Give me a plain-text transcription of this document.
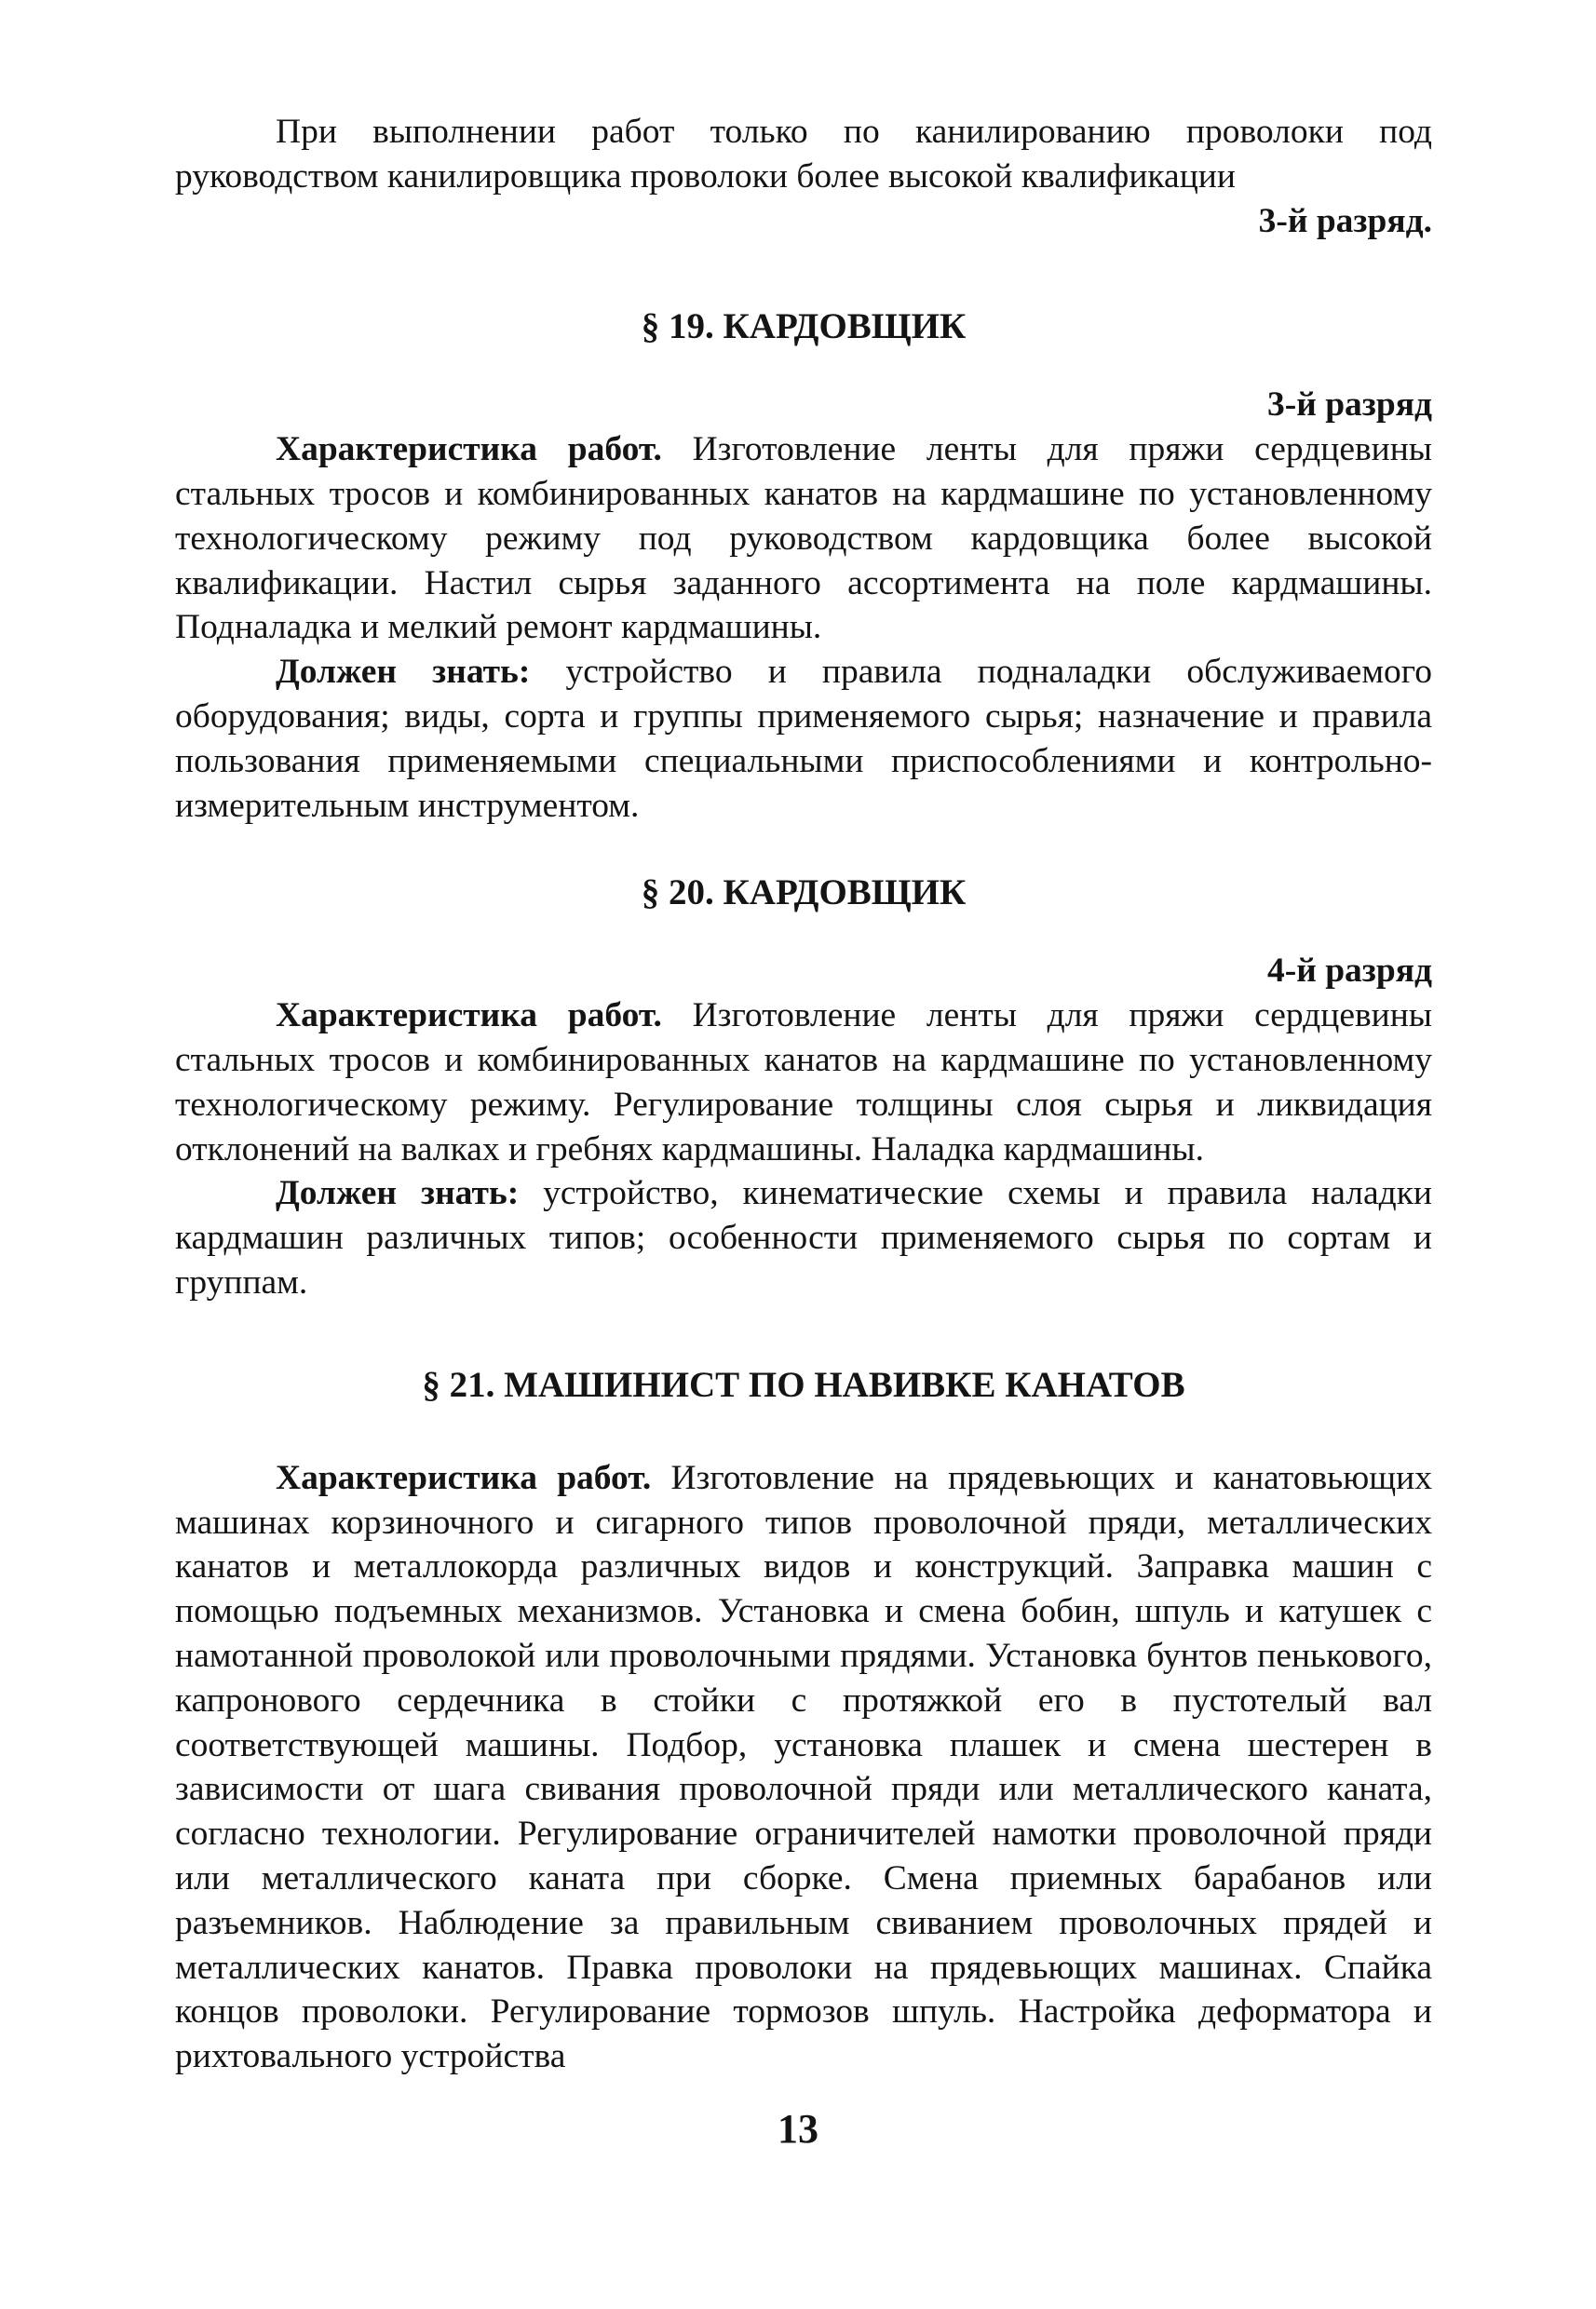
При выполнении работ только по канилированию проволоки под руководством канилировщика проволоки более высокой квалификации

3-й разряд.

§ 19. КАРДОВЩИК

3-й разряд

Характеристика работ. Изготовление ленты для пряжи сердцевины стальных тросов и комбинированных канатов на кардмашине по установленному технологическому режиму под руководством кардовщика более высокой квалификации. Настил сырья заданного ассортимента на поле кардмашины. Подналадка и мелкий ремонт кардмашины.

Должен знать: устройство и правила подналадки обслуживаемого оборудования; виды, сорта и группы применяемого сырья; назначение и правила пользования применяемыми специальными приспособлениями и контрольно-измерительным инструментом.

§ 20. КАРДОВЩИК

4-й разряд

Характеристика работ. Изготовление ленты для пряжи сердцевины стальных тросов и комбинированных канатов на кардмашине по установленному технологическому режиму. Регулирование толщины слоя сырья и ликвидация отклонений на валках и гребнях кардмашины. Наладка кардмашины.

Должен знать: устройство, кинематические схемы и правила наладки кардмашин различных типов; особенности применяемого сырья по сортам и группам.

§ 21. МАШИНИСТ ПО НАВИВКЕ КАНАТОВ

Характеристика работ. Изготовление на прядевьющих и канатовьющих машинах корзиночного и сигарного типов проволочной пряди, металлических канатов и металлокорда различных видов и конструкций. Заправка машин с помощью подъемных механизмов. Установка и смена бобин, шпуль и катушек с намотанной проволокой или проволочными прядями. Установка бунтов пенькового, капронового сердечника в стойки с протяжкой его в пустотелый вал соответствующей машины. Подбор, установка плашек и смена шестерен в зависимости от шага свивания проволочной пряди или металлического каната, согласно технологии. Регулирование ограничителей намотки проволочной пряди или металлического каната при сборке. Смена приемных барабанов или разъемников. Наблюдение за правильным свиванием проволочных прядей и металлических канатов. Правка проволоки на прядевьющих машинах. Спайка концов проволоки. Регулирование тормозов шпуль. Настройка деформатора и рихтовального устройства

13
